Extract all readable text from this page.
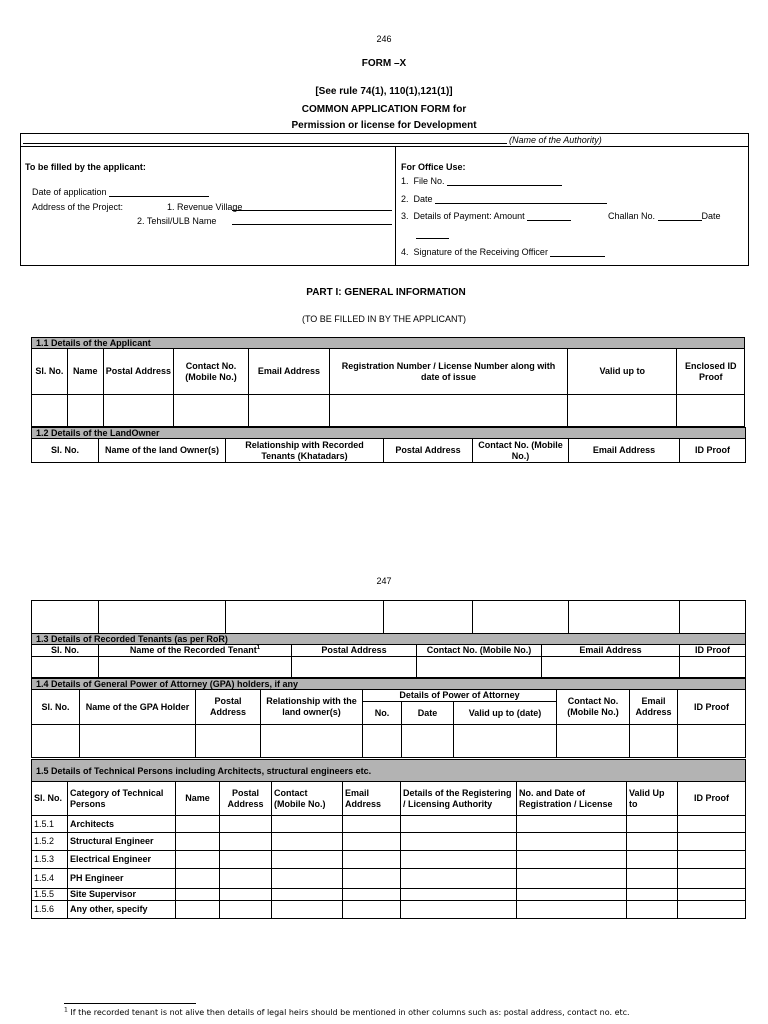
246
FORM –X
[See rule 74(1), 110(1),121(1)]
COMMON APPLICATION FORM for
Permission or license for Development
(Name of the Authority)
To be filled by the applicant:
Date of application
Address of the Project:	1. Revenue Village
2. Tehsil/ULB Name
For Office Use:
1. File No.
2. Date
3. Details of Payment: Amount	Challan No.	Date
4. Signature of the Receiving Officer
PART I: GENERAL INFORMATION
(TO BE FILLED IN BY THE APPLICANT)
1.1 Details of the Applicant							
Sl. No.	Name	Postal Address	Contact No. (Mobile No.)	Email Address	Registration Number / License Number along with date of issue	Valid up to	Enclosed ID Proof

1.2 Details of the LandOwner
Sl. No.	Name of the land Owner(s)	Relationship with Recorded Tenants (Khatadars)	Postal Address	Contact No. (Mobile No.)	Email Address	ID Proof
247

1.3 Details of Recorded Tenants (as per RoR)					
Sl. No.	Name of the Recorded Tenant$^1$	Postal Address	Contact No. (Mobile No.)	Email Address	ID Proof

1.4 Details of General Power of Attorney (GPA) holders, if any									
Sl. No.	Name of the GPA Holder	Postal Address	Relationship with the land owner(s)	Details of Power of Attorney			Contact No. (Mobile No.)	Email Address	ID Proof
				No.	Date	Valid up to (date)			

1.5 Details of Technical Persons including Architects, structural engineers etc.									
Sl. No.	Category of Technical Persons	Name	Postal Address	Contact (Mobile No.)	Email Address	Details of the Registering / Licensing Authority	No. and Date of Registration / License	Valid Up to	ID Proof
1.5.1	Architects								
1.5.2	Structural Engineer								
1.5.3	Electrical Engineer								
1.5.4	PH Engineer								
1.5.5	Site Supervisor								
1.5.6	Any other, specify								
$^1$ If the recorded tenant is not alive then details of legal heirs should be mentioned in other columns such as: postal address, contact no. etc.
